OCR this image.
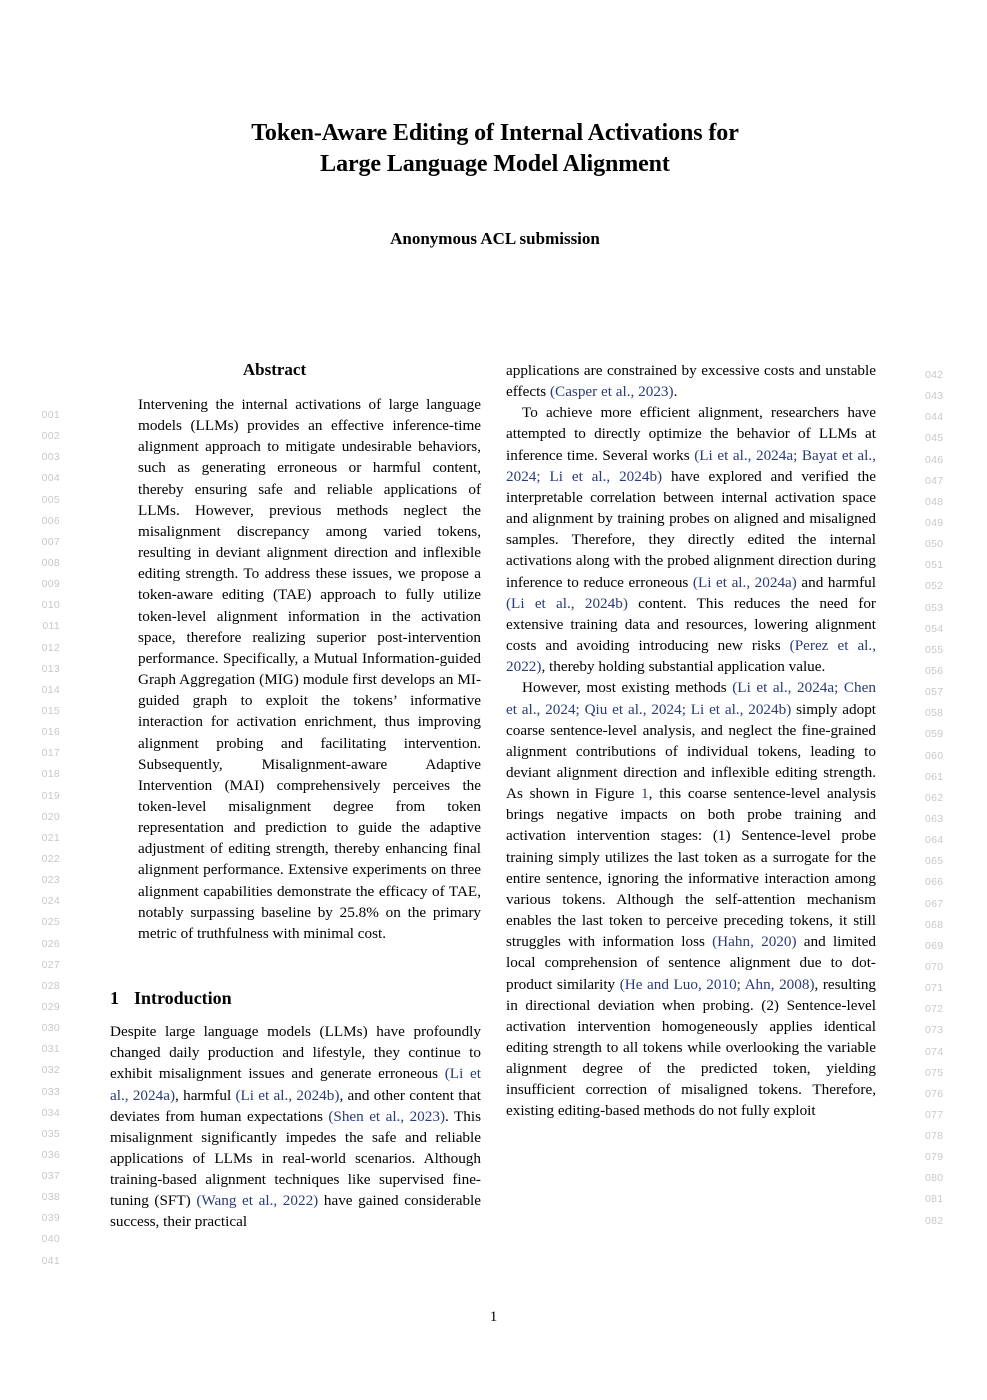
001
002
003
004
005
006
007
008
009
010
011
012
013
014
015
016
017
018
019
020
021
022
023
024
025
026
027
028
029
030
031
032
033
034
035
036
037
038
039
040
041
042
043
044
045
046
047
048
049
050
051
052
053
054
055
056
057
058
059
060
061
062
063
064
065
066
067
068
069
070
071
072
073
074
075
076
077
078
079
080
081
082
Token-Aware Editing of Internal Activations for
Large Language Model Alignment
Anonymous ACL submission
Abstract
Intervening the internal activations of large language models (LLMs) provides an effective inference-time alignment approach to mitigate undesirable behaviors, such as generating erroneous or harmful content, thereby ensuring safe and reliable applications of LLMs. However, previous methods neglect the misalignment discrepancy among varied tokens, resulting in deviant alignment direction and inflexible editing strength. To address these issues, we propose a token-aware editing (TAE) approach to fully utilize token-level alignment information in the activation space, therefore realizing superior post-intervention performance. Specifically, a Mutual Information-guided Graph Aggregation (MIG) module first develops an MI-guided graph to exploit the tokens’ informative interaction for activation enrichment, thus improving alignment probing and facilitating intervention. Subsequently, Misalignment-aware Adaptive Intervention (MAI) comprehensively perceives the token-level misalignment degree from token representation and prediction to guide the adaptive adjustment of editing strength, thereby enhancing final alignment performance. Extensive experiments on three alignment capabilities demonstrate the efficacy of TAE, notably surpassing baseline by 25.8% on the primary metric of truthfulness with minimal cost.
1 Introduction

Despite large language models (LLMs) have profoundly changed daily production and lifestyle, they continue to exhibit misalignment issues and generate erroneous (Li et al., 2024a), harmful (Li et al., 2024b), and other content that deviates from human expectations (Shen et al., 2023). This misalignment significantly impedes the safe and reliable applications of LLMs in real-world scenarios. Although training-based alignment techniques like supervised fine-tuning (SFT) (Wang et al., 2022) have gained considerable success, their practical

applications are constrained by excessive costs and unstable effects (Casper et al., 2023).

To achieve more efficient alignment, researchers have attempted to directly optimize the behavior of LLMs at inference time. Several works (Li et al., 2024a; Bayat et al., 2024; Li et al., 2024b) have explored and verified the interpretable correlation between internal activation space and alignment by training probes on aligned and misaligned samples. Therefore, they directly edited the internal activations along with the probed alignment direction during inference to reduce erroneous (Li et al., 2024a) and harmful (Li et al., 2024b) content. This reduces the need for extensive training data and resources, lowering alignment costs and avoiding introducing new risks (Perez et al., 2022), thereby holding substantial application value.

However, most existing methods (Li et al., 2024a; Chen et al., 2024; Qiu et al., 2024; Li et al., 2024b) simply adopt coarse sentence-level analysis, and neglect the fine-grained alignment contributions of individual tokens, leading to deviant alignment direction and inflexible editing strength. As shown in Figure 1, this coarse sentence-level analysis brings negative impacts on both probe training and activation intervention stages: (1) Sentence-level probe training simply utilizes the last token as a surrogate for the entire sentence, ignoring the informative interaction among various tokens. Although the self-attention mechanism enables the last token to perceive preceding tokens, it still struggles with information loss (Hahn, 2020) and limited local comprehension of sentence alignment due to dot-product similarity (He and Luo, 2010; Ahn, 2008), resulting in directional deviation when probing. (2) Sentence-level activation intervention homogeneously applies identical editing strength to all tokens while overlooking the variable alignment degree of the predicted token, yielding insufficient correction of misaligned tokens. Therefore, existing editing-based methods do not fully exploit

1
